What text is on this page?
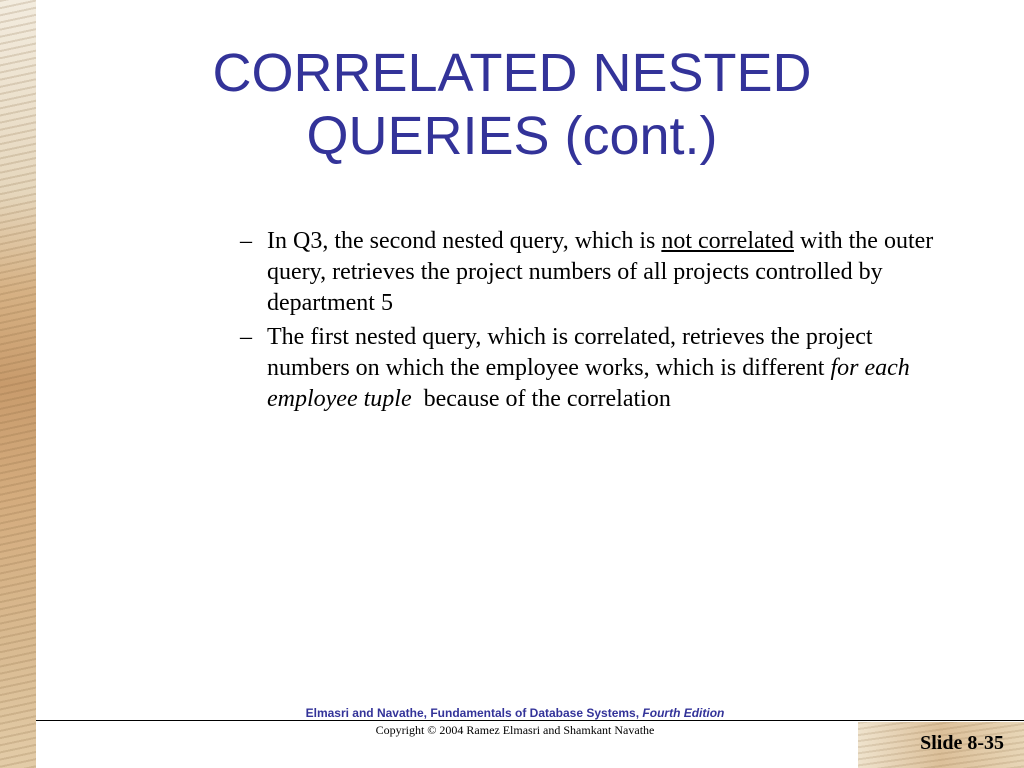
CORRELATED NESTED
QUERIES (cont.)
– In Q3, the second nested query, which is not correlated with the outer query, retrieves the project numbers of all projects controlled by department 5
– The first nested query, which is correlated, retrieves the project numbers on which the employee works, which is different for each employee tuple  because of the correlation
Elmasri and Navathe, Fundamentals of Database Systems, Fourth Edition
Copyright © 2004 Ramez Elmasri and Shamkant Navathe
Slide 8-35
